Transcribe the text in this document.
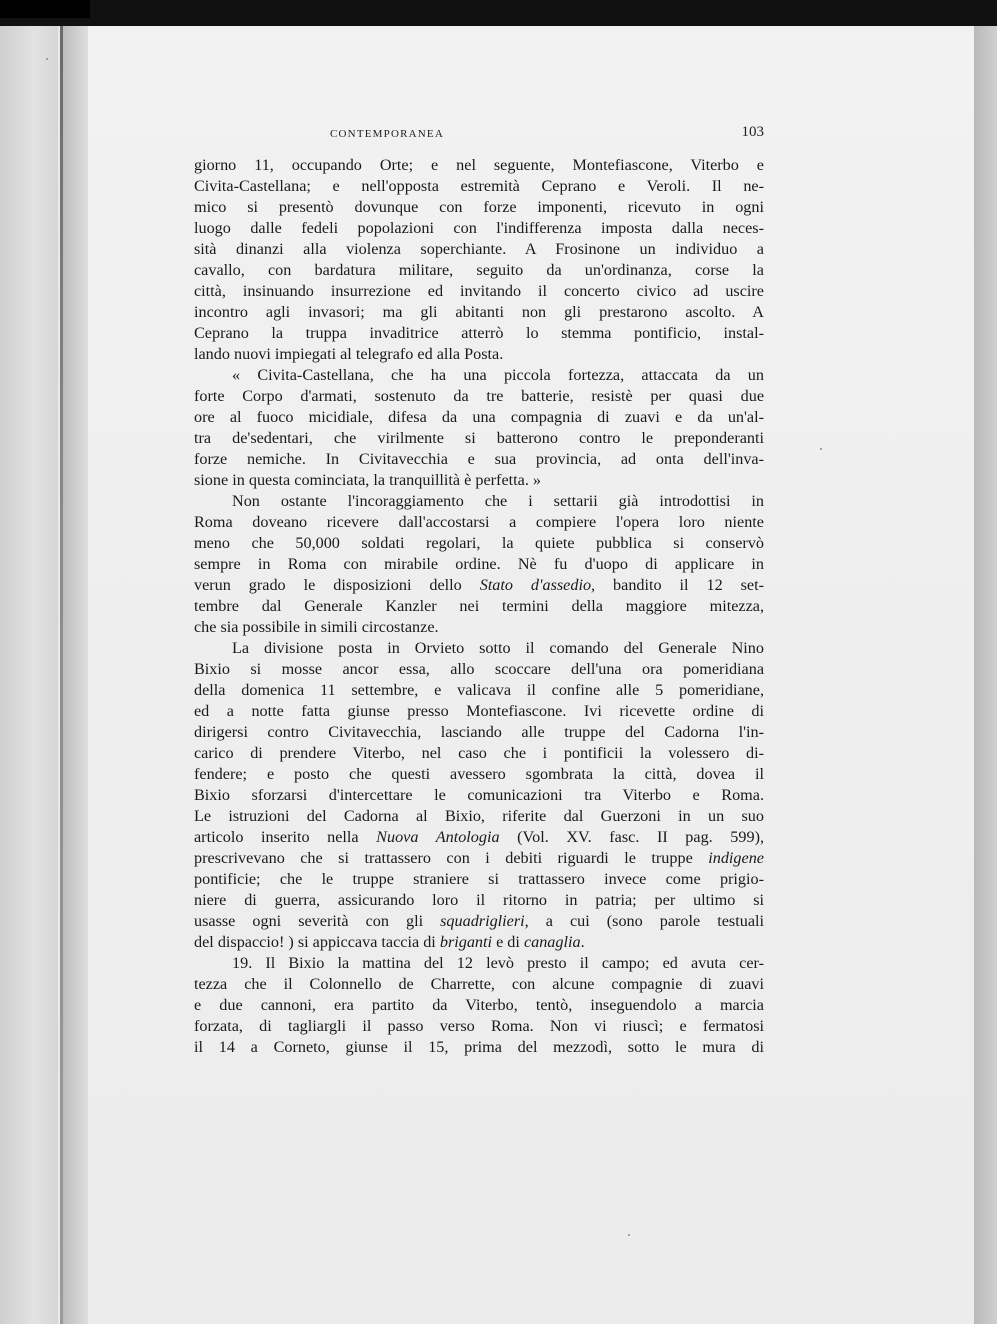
CONTEMPORANEA	103
giorno 11, occupando Orte; e nel seguente, Montefiascone, Viterbo e
Civita-Castellana; e nell'opposta estremità Ceprano e Veroli. Il ne-
mico si presentò dovunque con forze imponenti, ricevuto in ogni
luogo dalle fedeli popolazioni con l'indifferenza imposta dalla neces-
sità dinanzi alla violenza soperchiante. A Frosinone un individuo a
cavallo, con bardatura militare, seguito da un'ordinanza, corse la
città, insinuando insurrezione ed invitando il concerto civico ad uscire
incontro agli invasori; ma gli abitanti non gli prestarono ascolto. A
Ceprano la truppa invaditrice atterrò lo stemma pontificio, instal-
lando nuovi impiegati al telegrafo ed alla Posta.
« Civita-Castellana, che ha una piccola fortezza, attaccata da un
forte Corpo d'armati, sostenuto da tre batterie, resistè per quasi due
ore al fuoco micidiale, difesa da una compagnia di zuavi e da un'al-
tra de'sedentari, che virilmente si batterono contro le preponderanti
forze nemiche. In Civitavecchia e sua provincia, ad onta dell'inva-
sione in questa cominciata, la tranquillità è perfetta. »
Non ostante l'incoraggiamento che i settarii già introdottisi in
Roma doveano ricevere dall'accostarsi a compiere l'opera loro niente
meno che 50,000 soldati regolari, la quiete pubblica si conservò
sempre in Roma con mirabile ordine. Nè fu d'uopo di applicare in
verun grado le disposizioni dello Stato d'assedio, bandito il 12 set-
tembre dal Generale Kanzler nei termini della maggiore mitezza,
che sia possibile in simili circostanze.
La divisione posta in Orvieto sotto il comando del Generale Nino
Bixio si mosse ancor essa, allo scoccare dell'una ora pomeridiana
della domenica 11 settembre, e valicava il confine alle 5 pomeridiane,
ed a notte fatta giunse presso Montefiascone. Ivi ricevette ordine di
dirigersi contro Civitavecchia, lasciando alle truppe del Cadorna l'in-
carico di prendere Viterbo, nel caso che i pontificii la volessero di-
fendere; e posto che questi avessero sgombrata la città, dovea il
Bixio sforzarsi d'intercettare le comunicazioni tra Viterbo e Roma.
Le istruzioni del Cadorna al Bixio, riferite dal Guerzoni in un suo
articolo inserito nella Nuova Antologia (Vol. XV. fasc. II pag. 599),
prescrivevano che si trattassero con i debiti riguardi le truppe indigene
pontificie; che le truppe straniere si trattassero invece come prigio-
niere di guerra, assicurando loro il ritorno in patria; per ultimo si
usasse ogni severità con gli squadriglieri, a cui (sono parole testuali
del dispaccio! ) si appiccava taccia di briganti e di canaglia.
19. Il Bixio la mattina del 12 levò presto il campo; ed avuta cer-
tezza che il Colonnello de Charrette, con alcune compagnie di zuavi
e due cannoni, era partito da Viterbo, tentò, inseguendolo a marcia
forzata, di tagliargli il passo verso Roma. Non vi riuscì; e fermatosi
il 14 a Corneto, giunse il 15, prima del mezzodì, sotto le mura di
